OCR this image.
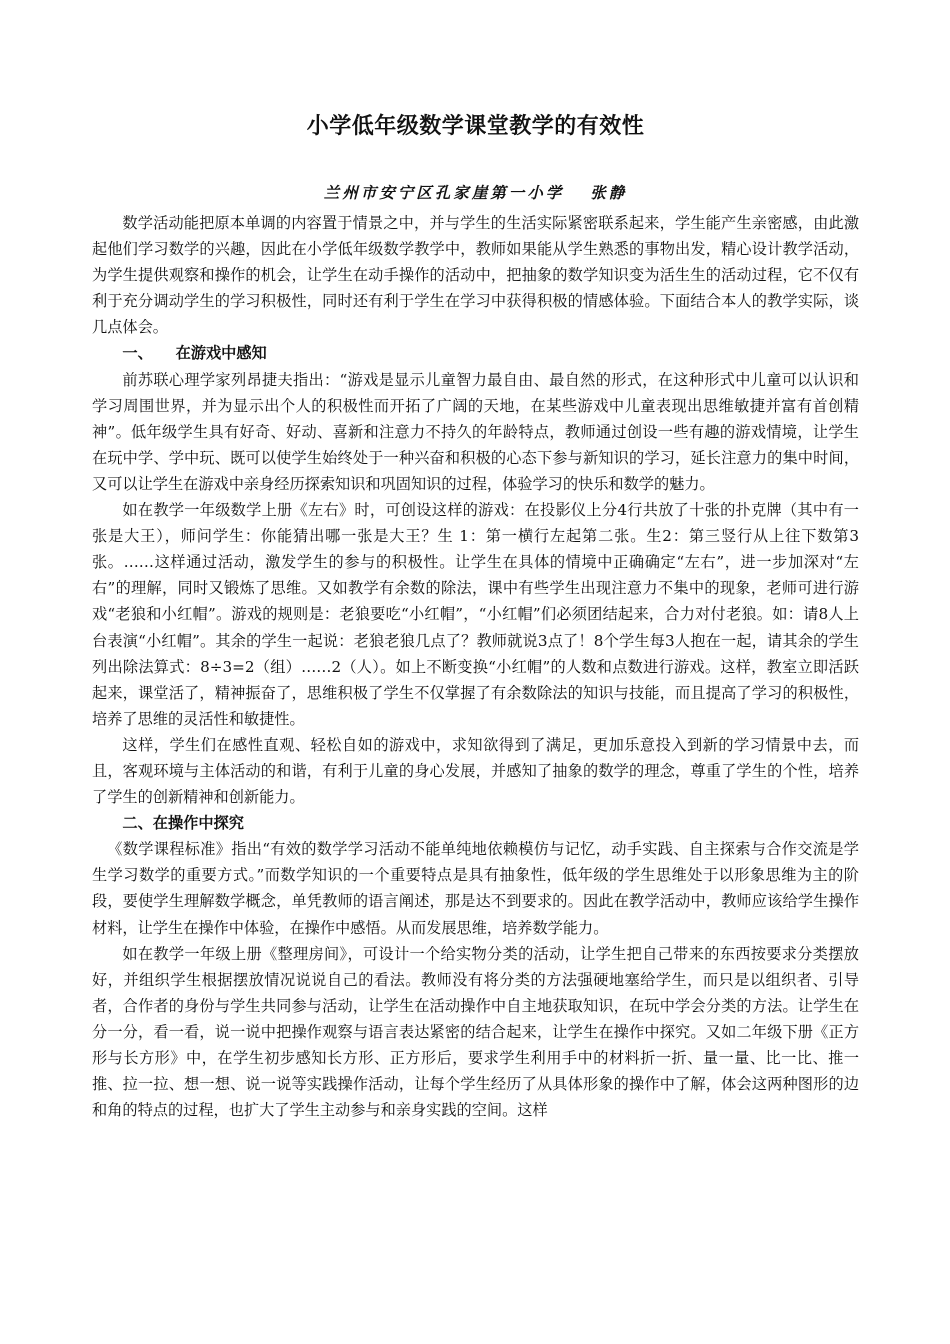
小学低年级数学课堂教学的有效性
兰州市安宁区孔家崖第一小学 张静

数学活动能把原本单调的内容置于情景之中，并与学生的生活实际紧密联系起来，学生能产生亲密感，由此激起他们学习数学的兴趣，因此在小学低年级数学教学中，教师如果能从学生熟悉的事物出发，精心设计教学活动，为学生提供观察和操作的机会，让学生在动手操作的活动中，把抽象的数学知识变为活生生的活动过程，它不仅有利于充分调动学生的学习积极性，同时还有利于学生在学习中获得积极的情感体验。下面结合本人的教学实际，谈几点体会。

一、 在游戏中感知

前苏联心理学家列昂捷夫指出：“游戏是显示儿童智力最自由、最自然的形式，在这种形式中儿童可以认识和学习周围世界，并为显示出个人的积极性而开拓了广阔的天地，在某些游戏中儿童表现出思维敏捷并富有首创精神”。低年级学生具有好奇、好动、喜新和注意力不持久的年龄特点，教师通过创设一些有趣的游戏情境，让学生在玩中学、学中玩、既可以使学生始终处于一种兴奋和积极的心态下参与新知识的学习，延长注意力的集中时间，又可以让学生在游戏中亲身经历探索知识和巩固知识的过程，体验学习的快乐和数学的魅力。

如在教学一年级数学上册《左右》时，可创设这样的游戏：在投影仪上分4行共放了十张的扑克牌（其中有一张是大王），师问学生：你能猜出哪一张是大王？生 1：第一横行左起第二张。生2：第三竖行从上往下数第3张。……这样通过活动，激发学生的参与的积极性。让学生在具体的情境中正确确定“左右”，进一步加深对“左右”的理解，同时又锻炼了思维。又如教学有余数的除法，课中有些学生出现注意力不集中的现象，老师可进行游戏“老狼和小红帽”。游戏的规则是：老狼要吃“小红帽”，“小红帽”们必须团结起来，合力对付老狼。如：请8人上台表演“小红帽”。其余的学生一起说：老狼老狼几点了？教师就说3点了！8个学生每3人抱在一起，请其余的学生列出除法算式：8÷3=2（组）……2（人）。如上不断变换“小红帽”的人数和点数进行游戏。这样，教室立即活跃起来，课堂活了，精神振奋了，思维积极了学生不仅掌握了有余数除法的知识与技能，而且提高了学习的积极性，培养了思维的灵活性和敏捷性。

这样，学生们在感性直观、轻松自如的游戏中，求知欲得到了满足，更加乐意投入到新的学习情景中去，而且，客观环境与主体活动的和谐，有利于儿童的身心发展，并感知了抽象的数学的理念，尊重了学生的个性，培养了学生的创新精神和创新能力。

二、在操作中探究

《数学课程标准》指出“有效的数学学习活动不能单纯地依赖模仿与记忆，动手实践、自主探索与合作交流是学生学习数学的重要方式。”而数学知识的一个重要特点是具有抽象性，低年级的学生思维处于以形象思维为主的阶段，要使学生理解数学概念，单凭教师的语言阐述，那是达不到要求的。因此在教学活动中，教师应该给学生操作材料，让学生在操作中体验，在操作中感悟。从而发展思维，培养数学能力。

如在教学一年级上册《整理房间》，可设计一个给实物分类的活动，让学生把自己带来的东西按要求分类摆放好，并组织学生根据摆放情况说说自己的看法。教师没有将分类的方法强硬地塞给学生，而只是以组织者、引导者，合作者的身份与学生共同参与活动，让学生在活动操作中自主地获取知识，在玩中学会分类的方法。让学生在分一分，看一看，说一说中把操作观察与语言表达紧密的结合起来，让学生在操作中探究。又如二年级下册《正方形与长方形》中，在学生初步感知长方形、正方形后，要求学生利用手中的材料折一折、量一量、比一比、推一推、拉一拉、想一想、说一说等实践操作活动，让每个学生经历了从具体形象的操作中了解，体会这两种图形的边和角的特点的过程，也扩大了学生主动参与和亲身实践的空间。这样
